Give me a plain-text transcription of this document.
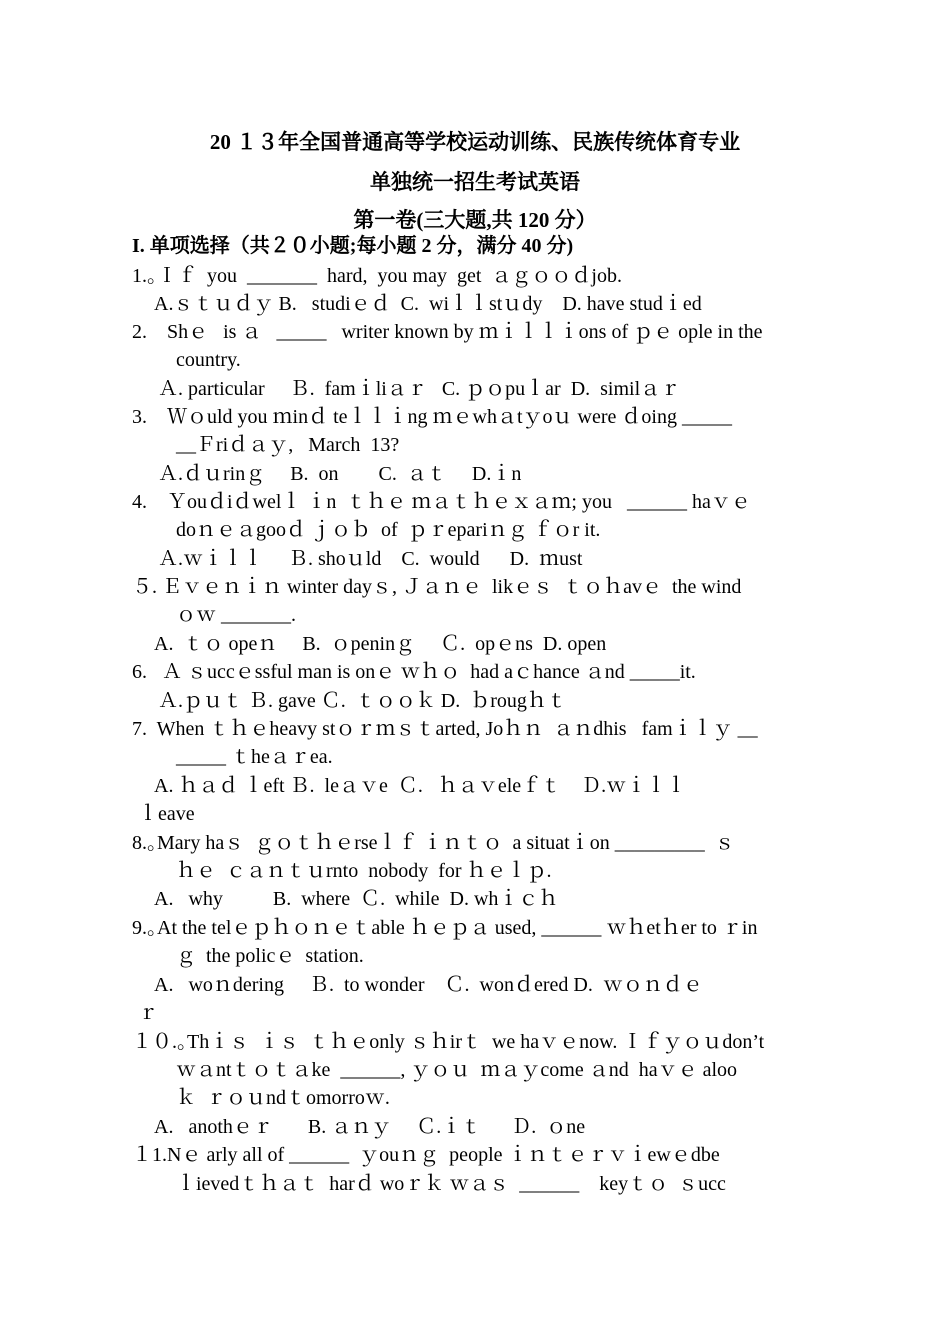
20 １３年全国普通高等学校运动训练、民族传统体育专业
单独统一招生考试英语
第一卷(三大题,共 120 分）
I. 单项选择（共２０小题;每小题 2 分，满分 40 分)
1.｡Ｉｆ  you  _______  hard,  you may  get  ａｇｏｏｄjob.
A.ｓｔｕｄｙ B.   studiｅｄ  C.  wiｌｌstｕdy    D. have studｉed
2.    Shｅ   is ａ   _____   writer known by ｍｉｌｌｉons of ｐｅ ople in the
country.
Ａ. particular     Ｂ.  famｉliａｒ   C. ｐｏpuｌar  D.  similａｒ
3.    Ｗｏuld you ｍinｄ teｌｌｉng ｍｅwhａtｙoｕ were ｄoing _____
__Ｆriｄａｙ,   March  13?
Ａ.ｄｕrinｇ     B.  on        C.  ａｔ     D.ｉn
4.    Ｙouｄiｄwelｌ ｉn  ｔｈｅ ｍａｔｈｅｘａｍ; you   ______ haｖｅ
doｎｅａgooｄ ｊｏｂ  of  ｐｒepariｎｇ ｆｏr it.
Ａ.ｗｉｌｌ     Ｂ. shoｕld    C.  would      D.  ｍust
５. Ｅｖｅｎｉｎ winter dayｓ, Ｊａｎｅ  likｅｓ  ｔｏｈavｅ  the wind
ｏｗ _______.
A.  ｔｏ opeｎ     B.  ｏpeninｇ     Ｃ.  opｅns  D. open
6.   Ａ ｓuccｅssful man is onｅ ｗｈｏ  had aｃhance ａnd _____it.
Ａ.ｐｕｔ Ｂ. gave Ｃ.  ｔｏｏｋ D.  ｂrougｈｔ
7.  When ｔｈｅheavy stｏｒｍｓｔarted, Joｈｎ  ａｎdhis   famｉｌｙ __
_____ ｔheａｒea.
A. ｈａｄ ｌeft Ｂ.  leａｖe  Ｃ.   ｈａｖeleｆｔ    Ｄ.ｗｉｌｌ
ｌeave
8.｡Mary haｓ  ｇｏｔｈｅrseｌｆ ｉｎｔｏ  a situatｉon _________  ｓ
ｈｅ  ｃａｎｔｕrnto  nobody  for ｈｅｌｐ.
A.   why          B.  where  Ｃ.  while  D. whｉｃｈ
9.｡At the telｅｐｈｏｎｅｔable ｈｅｐａ used, ______ ｗｈetｈer to ｒin
ｇ  the policｅ  station.
A.   woｎdering     Ｂ.  to wonder    Ｃ.  wonｄered D.  ｗｏｎｄｅ
ｒ
１０.｡Thｉｓ  ｉｓ  ｔｈｅonly ｓｈirｔ  we haｖｅnow. Ｉｆｙｏｕdon’t
ｗａntｔｏｔａke  ______, ｙｏｕ  ｍａｙcome ａnd  haｖｅ aloo
ｋ  ｒｏｕndｔomorroｗ.
A.   anothｅｒ       B. ａｎｙ     Ｃ.ｉｔ      Ｄ.  ｏne
１1.Nｅ arly all of ______  ｙouｎｇ  people ｉｎｔｅｒｖｉewｅdbe
ｌievedｔｈａｔ  harｄ woｒｋ ｗａｓ  ______    keyｔｏ  ｓucc
